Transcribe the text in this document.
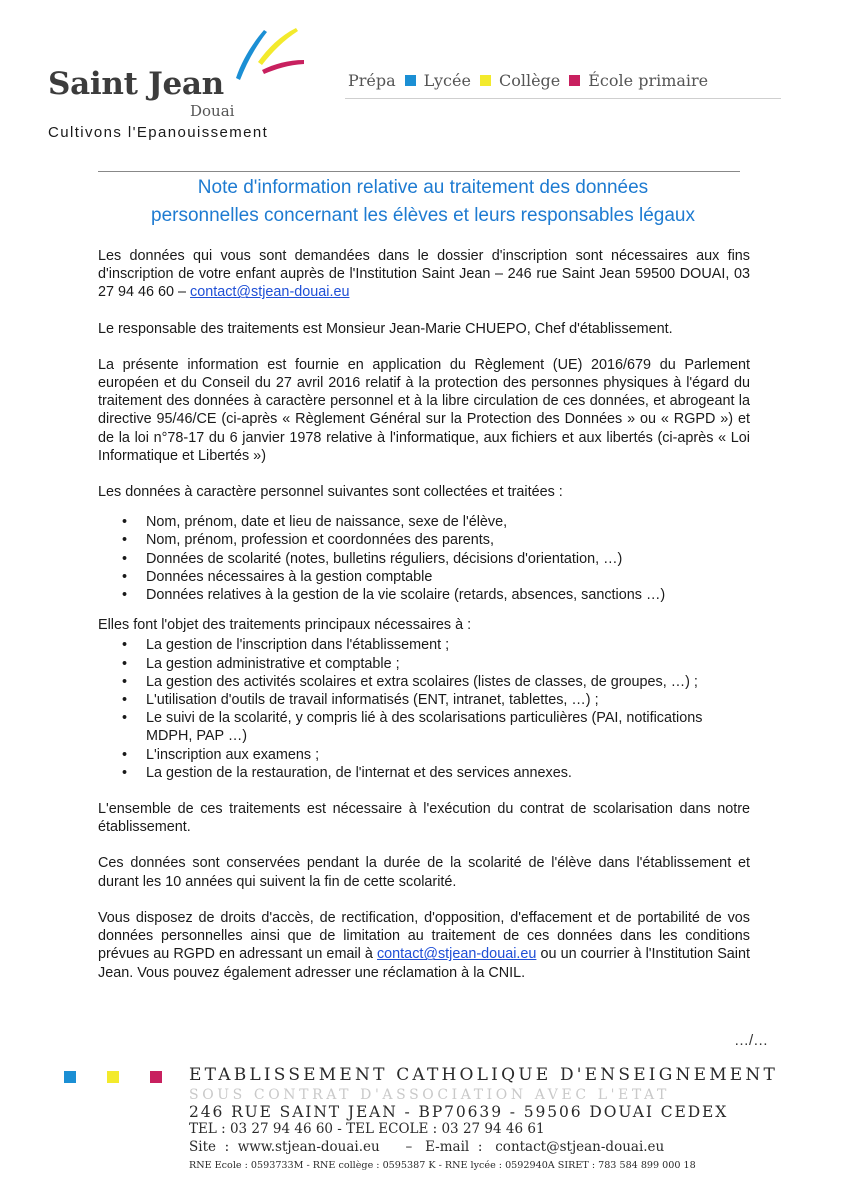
Saint Jean
Douai
Cultivons l'Epanouissement
Prépa Lycée Collège École primaire
Note d'information relative au traitement des données
personnelles concernant les élèves et leurs responsables légaux

Les données qui vous sont demandées dans le dossier d'inscription sont nécessaires aux fins d'inscription de votre enfant auprès de l'Institution Saint Jean – 246 rue Saint Jean 59500 DOUAI, 03 27 94 46 60 – contact@stjean-douai.eu

Le responsable des traitements est Monsieur Jean-Marie CHUEPO, Chef d'établissement.

La présente information est fournie en application du Règlement (UE) 2016/679 du Parlement européen et du Conseil du 27 avril 2016 relatif à la protection des personnes physiques à l'égard du traitement des données à caractère personnel et à la libre circulation de ces données, et abrogeant la directive 95/46/CE (ci-après « Règlement Général sur la Protection des Données » ou « RGPD ») et de la loi n°78-17 du 6 janvier 1978 relative à l'informatique, aux fichiers et aux libertés (ci-après « Loi Informatique et Libertés »)

Les données à caractère personnel suivantes sont collectées et traitées :

• Nom, prénom, date et lieu de naissance, sexe de l'élève,
• Nom, prénom, profession et coordonnées des parents,
• Données de scolarité (notes, bulletins réguliers, décisions d'orientation, …)
• Données nécessaires à la gestion comptable
• Données relatives à la gestion de la vie scolaire (retards, absences, sanctions …)

Elles font l'objet des traitements principaux nécessaires à :

• La gestion de l'inscription dans l'établissement ;
• La gestion administrative et comptable ;
• La gestion des activités scolaires et extra scolaires (listes de classes, de groupes, …) ;
• L'utilisation d'outils de travail informatisés (ENT, intranet, tablettes, …) ;
• Le suivi de la scolarité, y compris lié à des scolarisations particulières (PAI, notifications MDPH, PAP …)
• L'inscription aux examens ;
• La gestion de la restauration, de l'internat et des services annexes.

L'ensemble de ces traitements est nécessaire à l'exécution du contrat de scolarisation dans notre établissement.

Ces données sont conservées pendant la durée de la scolarité de l'élève dans l'établissement et durant les 10 années qui suivent la fin de cette scolarité.

Vous disposez de droits d'accès, de rectification, d'opposition, d'effacement et de portabilité de vos données personnelles ainsi que de limitation au traitement de ces données dans les conditions prévues au RGPD en adressant un email à contact@stjean-douai.eu ou un courrier à l'Institution Saint Jean. Vous pouvez également adresser une réclamation à la CNIL.

…/…
ETABLISSEMENT CATHOLIQUE D'ENSEIGNEMENT
SOUS CONTRAT D'ASSOCIATION AVEC L'ETAT
246 RUE SAINT JEAN - BP70639 - 59506 DOUAI CEDEX
TEL : 03 27 94 46 60 - TEL ECOLE : 03 27 94 46 61
Site  :  www.stjean-douai.eu      –   E-mail  :   contact@stjean-douai.eu
RNE Ecole : 0593733M - RNE collège : 0595387 K - RNE lycée : 0592940A SIRET : 783 584 899 000 18
